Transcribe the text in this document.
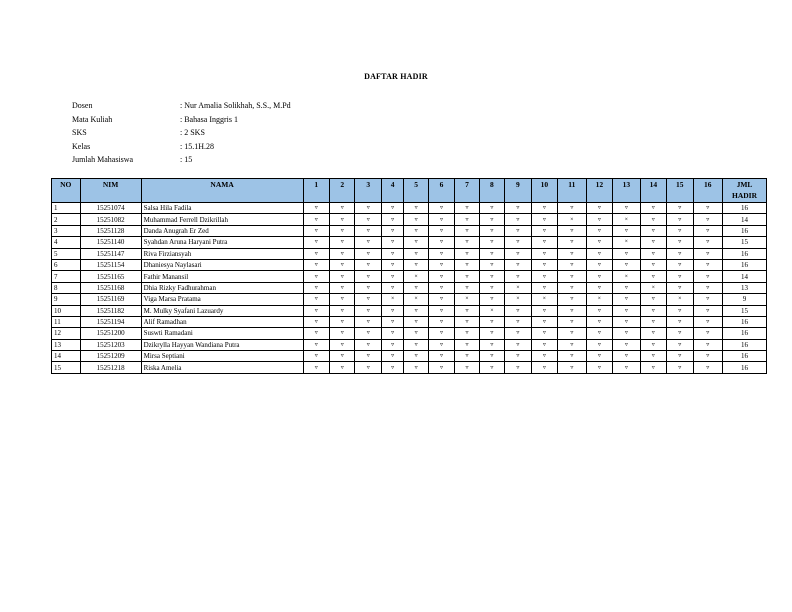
DAFTAR HADIR
Dosen	: Nur Amalia Solikhah, S.S., M.Pd
Mata Kuliah	: Bahasa Inggris 1
SKS	: 2 SKS
Kelas	: 15.1H.28
Jumlah Mahasiswa	: 15
NO	NIM	NAMA	1	2	3	4	5	6	7	8	9	10	11	12	13	14	15	16	JML
HADIR
1	15251074	Salsa Hila Fadila	▿	▿	▿	▿	▿	▿	▿	▿	▿	▿	▿	▿	▿	▿	▿	▿	16
2	15251082	Muhammad Ferrell Dzikrillah	▿	▿	▿	▿	▿	▿	▿	▿	▿	▿	×	▿	×	▿	▿	▿	14
3	15251128	Danda Anugrah Er Zed	▿	▿	▿	▿	▿	▿	▿	▿	▿	▿	▿	▿	▿	▿	▿	▿	16
4	15251140	Syahdan Aruna Haryani Putra	▿	▿	▿	▿	▿	▿	▿	▿	▿	▿	▿	▿	×	▿	▿	▿	15
5	15251147	Riva Firziansyah	▿	▿	▿	▿	▿	▿	▿	▿	▿	▿	▿	▿	▿	▿	▿	▿	16
6	15251154	Dhaniesya Naylasari	▿	▿	▿	▿	▿	▿	▿	▿	▿	▿	▿	▿	▿	▿	▿	▿	16
7	15251165	Fathir Manansil	▿	▿	▿	▿	×	▿	▿	▿	▿	▿	▿	▿	×	▿	▿	▿	14
8	15251168	Dhia Rizky Fadhurahman	▿	▿	▿	▿	▿	▿	▿	▿	×	▿	▿	▿	▿	×	▿	▿	13
9	15251169	Viga Marsa Pratama	▿	▿	▿	×	×	▿	×	▿	×	×	▿	×	▿	▿	×	▿	9
10	15251182	M. Mulky Syafani Lazuardy	▿	▿	▿	▿	▿	▿	▿	×	▿	▿	▿	▿	▿	▿	▿	▿	15
11	15251194	Alif Ramadhan	▿	▿	▿	▿	▿	▿	▿	▿	▿	▿	▿	▿	▿	▿	▿	▿	16
12	15251200	Suswti Ramadani	▿	▿	▿	▿	▿	▿	▿	▿	▿	▿	▿	▿	▿	▿	▿	▿	16
13	15251203	Dzikrylla Hayyan Wandiana Putra	▿	▿	▿	▿	▿	▿	▿	▿	▿	▿	▿	▿	▿	▿	▿	▿	16
14	15251209	Mirsa Septiani	▿	▿	▿	▿	▿	▿	▿	▿	▿	▿	▿	▿	▿	▿	▿	▿	16
15	15251218	Riska Amelia	▿	▿	▿	▿	▿	▿	▿	▿	▿	▿	▿	▿	▿	▿	▿	▿	16
